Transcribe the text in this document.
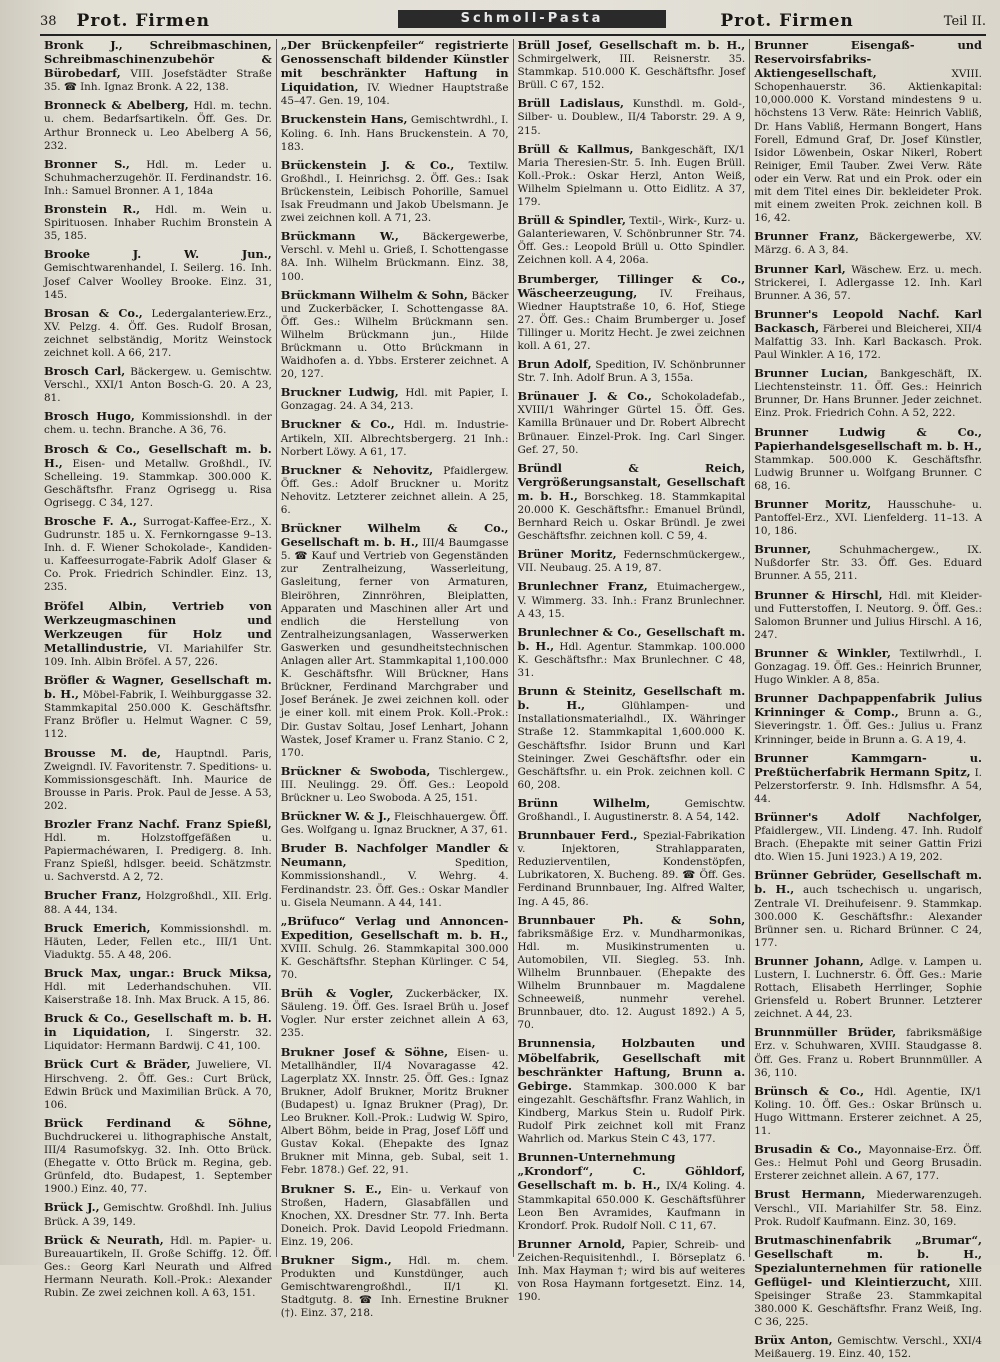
38 Prot. Firmen	Schmoll-Pasta	Prot. Firmen	Teil II.

Bronk J., Schreibmaschinen, Schreibmaschinenzubehör & Bürobedarf, VIII. Josefstädter Straße 35. ☎ Inh. Ignaz Bronk. A 22, 138.

Bronneck & Abelberg, Hdl. m. techn. u. chem. Bedarfsartikeln. Öff. Ges. Dr. Arthur Bronneck u. Leo Abelberg A 56, 232.

Bronner S., Hdl. m. Leder u. Schuhmacherzugehör. II. Ferdinandstr. 16. Inh.: Samuel Bronner. A 1, 184a

Bronstein R., Hdl. m. Wein u. Spirituosen. Inhaber Ruchim Bronstein A 35, 185.

Brooke J. W. Jun., Gemischtwarenhandel, I. Seilerg. 16. Inh. Josef Calver Woolley Brooke. Einz. 31, 145.

Brosan & Co., Ledergalanteriew.Erz., XV. Pelzg. 4. Öff. Ges. Rudolf Brosan, zeichnet selbständig, Moritz Weinstock zeichnet koll. A 66, 217.

Brosch Carl, Bäckergew. u. Gemischtw. Verschl., XXI/1 Anton Bosch-G. 20. A 23, 81.

Brosch Hugo, Kommissionshdl. in der chem. u. techn. Branche. A 36, 76.

Brosch & Co., Gesellschaft m. b. H., Eisen- und Metallw. Großhdl., IV. Schelleing. 19. Stammkap. 300.000 K. Geschäftsfhr. Franz Ogrisegg u. Risa Ogrisegg. C 34, 127.

Brosche F. A., Surrogat-Kaffee-Erz., X. Gudrunstr. 185 u. X. Fernkorngasse 9–13. Inh. d. F. Wiener Schokolade-, Kandiden- u. Kaffeesurrogate-Fabrik Adolf Glaser & Co. Prok. Friedrich Schindler. Einz. 13, 235.

Bröfel Albin, Vertrieb von Werkzeugmaschinen und Werkzeugen für Holz und Metallindustrie, VI. Mariahilfer Str. 109. Inh. Albin Bröfel. A 57, 226.

Bröfler & Wagner, Gesellschaft m. b. H., Möbel-Fabrik, I. Weihburggasse 32. Stammkapital 250.000 K. Geschäftsfhr. Franz Bröfler u. Helmut Wagner. C 59, 112.

Brousse M. de, Hauptndl. Paris, Zweigndl. IV. Favoritenstr. 7. Speditions- u. Kommissionsgeschäft. Inh. Maurice de Brousse in Paris. Prok. Paul de Jesse. A 53, 202.

Brozler Franz Nachf. Franz Spießl, Hdl. m. Holzstoffgefäßen u. Papiermachéwaren, I. Predigerg. 8. Inh. Franz Spießl, hdlsger. beeid. Schätzmstr. u. Sachverstd. A 2, 72.

Brucher Franz, Holzgroßhdl., XII. Erlg. 88. A 44, 134.

Bruck Emerich, Kommissionshdl. m. Häuten, Leder, Fellen etc., III/1 Unt. Viaduktg. 55. A 48, 206.

Bruck Max, ungar.: Bruck Miksa, Hdl. mit Lederhandschuhen. VII. Kaiserstraße 18. Inh. Max Bruck. A 15, 86.

Bruck & Co., Gesellschaft m. b. H. in Liquidation, I. Singerstr. 32. Liquidator: Hermann Bardwij. C 41, 100.

Brück Curt & Bräder, Juweliere, VI. Hirschveng. 2. Öff. Ges.: Curt Brück, Edwin Brück und Maximilian Brück. A 70, 106.

Brück Ferdinand & Söhne, Buchdruckerei u. lithographische Anstalt, III/4 Rasumofskyg. 32. Inh. Otto Brück. (Ehegatte v. Otto Brück m. Regina, geb. Grünfeld, dto. Budapest, 1. September 1900.) Einz. 40, 77.

Brück J., Gemischtw. Großhdl. Inh. Julius Brück. A 39, 149.

Brück & Neurath, Hdl. m. Papier- u. Bureauartikeln, II. Große Schiffg. 12. Öff. Ges.: Georg Karl Neurath und Alfred Hermann Neurath. Koll.-Prok.: Alexander Rubin. Ze zwei zeichnen koll. A 63, 151.

„Der Brückenpfeiler“ registrierte Genossenschaft bildender Künstler mit beschränkter Haftung in Liquidation, IV. Wiedner Hauptstraße 45–47. Gen. 19, 104.

Bruckenstein Hans, Gemischtwrdhl., I. Koling. 6. Inh. Hans Bruckenstein. A 70, 183.

Brückenstein J. & Co., Textilw. Großhdl., I. Heinrichsg. 2. Öff. Ges.: Isak Brückenstein, Leibisch Pohorille, Samuel Isak Freudmann und Jakob Ubelsmann. Je zwei zeichnen koll. A 71, 23.

Brückmann W., Bäckergewerbe, Verschl. v. Mehl u. Grieß, I. Schottengasse 8A. Inh. Wilhelm Brückmann. Einz. 38, 100.

Brückmann Wilhelm & Sohn, Bäcker und Zuckerbäcker, I. Schottengasse 8A. Öff. Ges.: Wilhelm Brückmann sen. Wilhelm Brückmann jun., Hilde Brückmann u. Otto Brückmann in Waidhofen a. d. Ybbs. Ersterer zeichnet. A 20, 127.

Bruckner Ludwig, Hdl. mit Papier, I. Gonzagag. 24. A 34, 213.

Bruckner & Co., Hdl. m. Industrie-Artikeln, XII. Albrechtsbergerg. 21 Inh.: Norbert Löwy. A 61, 17.

Bruckner & Nehovitz, Pfaidlergew. Öff. Ges.: Adolf Bruckner u. Moritz Nehovitz. Letzterer zeichnet allein. A 25, 6.

Brückner Wilhelm & Co., Gesellschaft m. b. H., III/4 Baumgasse 5. ☎ Kauf und Vertrieb von Gegenständen zur Zentralheizung, Wasserleitung, Gasleitung, ferner von Armaturen, Bleiröhren, Zinnröhren, Bleiplatten, Apparaten und Maschinen aller Art und endlich die Herstellung von Zentralheizungsanlagen, Wasserwerken Gaswerken und gesundheitstechnischen Anlagen aller Art. Stammkapital 1,100.000 K. Geschäftsfhr. Will Brückner, Hans Brückner, Ferdinand Marchgraber und Josef Beránek. Je zwei zeichnen koll. oder je einer koll. mit einem Prok. Koll.-Prok.: Dir. Gustav Soltau, Josef Lenhart, Johann Wastek, Josef Kramer u. Franz Stanio. C 2, 170.

Brückner & Swoboda, Tischlergew., III. Neulingg. 29. Öff. Ges.: Leopold Brückner u. Leo Swoboda. A 25, 151.

Brückner W. & J., Fleischhauergew. Öff. Ges. Wolfgang u. Ignaz Bruckner, A 37, 61.

Bruder B. Nachfolger Mandler & Neumann,	Spedition, Kommissionshandl., V. Wehrg. 4. Ferdinandstr. 23. Öff. Ges.: Oskar Mandler u. Gisela Neumann. A 44, 141.

„Brüfuco“ Verlag und Annoncen-Expedition, Gesellschaft m. b. H., XVIII. Schulg. 26. Stammkapital 300.000 K. Geschäftsfhr. Stephan Kürlinger. C 54, 70.

Brüh & Vogler, Zuckerbäcker, IX. Säuleng. 19. Öff. Ges. Israel Brüh u. Josef Vogler. Nur erster zeichnet allein A 63, 235.

Brukner Josef & Söhne, Eisen- u. Metallhändler, II/4 Novaragasse 42. Lagerplatz XX. Innstr. 25. Öff. Ges.: Ignaz Brukner, Adolf Brukner, Moritz Brukner (Budapest) u. Ignaz Brukner (Prag), Dr. Leo Brukner. Koll.-Prok.: Ludwig W. Spiro, Albert Böhm, beide in Prag, Josef Löff und Gustav Kokal. (Ehepakte des Ignaz Brukner mit Minna, geb. Subal, seit 1. Febr. 1878.) Gef. 22, 91.

Brukner S. E., Ein- u. Verkauf von Stroßen, Hadern, Glasabfällen und Knochen, XX. Dresdner Str. 77. Inh. Berta Doneich. Prok. David Leopold Friedmann. Einz. 19, 206.

Brukner Sigm., Hdl. m. chem. Produkten und Kunstdünger, auch Gemischtwarengroßhdl., II/1 Kl. Stadtgutg. 8. ☎ Inh. Ernestine Brukner (†). Einz. 37, 218.

Brüll Josef, Gesellschaft m. b. H., Schmirgelwerk, III. Reisnerstr. 35. Stammkap. 510.000 K. Geschäftsfhr. Josef Brüll. C 67, 152.

Brüll Ladislaus, Kunsthdl. m. Gold-, Silber- u. Doublew., II/4 Taborstr. 29. A 9, 215.

Brüll & Kallmus, Bankgeschäft, IX/1 Maria Theresien-Str. 5. Inh. Eugen Brüll. Koll.-Prok.: Oskar Herzl, Anton Weiß, Wilhelm Spielmann u. Otto Eidlitz. A 37, 179.

Brüll & Spindler, Textil-, Wirk-, Kurz- u. Galanteriewaren, V. Schönbrunner Str. 74. Öff. Ges.: Leopold Brüll u. Otto Spindler. Zeichnen koll. A 4, 206a.

Brumberger, Tillinger & Co., Wäscheerzeugung, IV. Freihaus, Wiedner Hauptstraße 10, 6. Hof, Stiege 27. Öff. Ges.: Chaim Brumberger u. Josef Tillinger u. Moritz Hecht. Je zwei zeichnen koll. A 61, 27.

Brun Adolf, Spedition, IV. Schönbrunner Str. 7. Inh. Adolf Brun. A 3, 155a.

Brünauer J. & Co., Schokoladefab., XVIII/1 Währinger Gürtel 15. Öff. Ges. Kamilla Brünauer und Dr. Robert Albrecht Brünauer. Einzel-Prok. Ing. Carl Singer. Gef. 27, 50.

Bründl & Reich, Vergrößerungsanstalt, Gesellschaft m. b. H., Borschkeg. 18. Stammkapital 20.000 K. Geschäftsfhr.: Emanuel Bründl, Bernhard Reich u. Oskar Bründl. Je zwei Geschäftsfhr. zeichnen koll. C 59, 4.

Brüner Moritz, Federnschmückergew., VII. Neubaug. 25. A 19, 87.

Brunlechner Franz, Etuimachergew., V. Wimmerg. 33. Inh.: Franz Brunlechner. A 43, 15.

Brunlechner & Co., Gesellschaft m. b. H., Hdl. Agentur. Stammkap. 100.000 K. Geschäftsfhr.: Max Brunlechner. C 48, 31.

Brunn & Steinitz, Gesellschaft m. b. H.,	Glühlampen- und Installationsmaterialhdl., IX. Währinger Straße 12. Stammkapital 1,600.000 K. Geschäftsfhr. Isidor Brunn und Karl Steininger. Zwei Geschäftsfhr. oder ein Geschäftsfhr. u. ein Prok. zeichnen koll. C 60, 208.

Brünn Wilhelm,	Gemischtw. Großhandl., I. Augustinerstr. 8. A 54, 142.

Brunnbauer Ferd., Spezial-Fabrikation v. Injektoren, Strahlapparaten, Reduzierventilen, Kondenstöpfen, Lubrikatoren, X. Bucheng. 89. ☎ Öff. Ges. Ferdinand Brunnbauer, Ing. Alfred Walter, Ing. A 45, 86.

Brunnbauer Ph. & Sohn, fabriksmäßige Erz. v. Mundharmonikas, Hdl. m. Musikinstrumenten u. Automobilen, VII. Siegleg. 53. Inh. Wilhelm Brunnbauer. (Ehepakte des Wilhelm Brunnbauer m. Magdalene Schneeweiß, nunmehr verehel. Brunnbauer, dto. 12. August 1892.) A 5, 70.

Brunnensia, Holzbauten und Möbelfabrik, Gesellschaft mit beschränkter Haftung, Brunn a. Gebirge. Stammkap. 300.000 K bar eingezahlt. Geschäftsfhr. Franz Wahlich, in Kindberg, Markus Stein u. Rudolf Pirk. Rudolf Pirk zeichnet koll mit Franz Wahrlich od. Markus Stein C 43, 177.

Brunnen-Unternehmung „Krondorf“, C. Göhldorf, Gesellschaft m. b. H., IX/4 Koling. 4. Stammkapital 650.000 K. Geschäftsführer Leon Ben Avramides, Kaufmann in Krondorf. Prok. Rudolf Noll. C 11, 67.

Brunner Arnold, Papier, Schreib- und Zeichen-Requisitenhdl., I. Börseplatz 6. Inh. Max Hayman †; wird bis auf weiteres von Rosa Haymann fortgesetzt. Einz. 14, 190.

Brunner Eisengaß- und Reservoirsfabriks-Aktiengesellschaft,	XVIII. Schopenhauerstr. 36. Aktienkapital: 10,000.000 K. Vorstand mindestens 9 u. höchstens 13 Verw. Räte: Heinrich Vabliß, Dr. Hans Vabliß, Hermann Bongert, Hans Forell, Edmund Graf, Dr. Josef Künstler, Isidor Löwenbein, Oskar Nikerl, Robert Reiniger, Emil Tauber. Zwei Verw. Räte oder ein Verw. Rat und ein Prok. oder ein mit dem Titel eines Dir. bekleideter Prok. mit einem zweiten Prok. zeichnen koll. B 16, 42.

Brunner Franz, Bäckergewerbe, XV. Märzg. 6. A 3, 84.

Brunner Karl, Wäschew. Erz. u. mech. Strickerei, I. Adlergasse 12. Inh. Karl Brunner. A 36, 57.

Brunner's Leopold Nachf. Karl Backasch, Färberei und Bleicherei, XII/4 Malfattig 33. Inh. Karl Backasch. Prok. Paul Winkler. A 16, 172.

Brunner Lucian, Bankgeschäft, IX. Liechtensteinstr. 11. Öff. Ges.: Heinrich Brunner, Dr. Hans Brunner. Jeder zeichnet. Einz. Prok. Friedrich Cohn. A 52, 222.

Brunner Ludwig & Co., Papierhandelsgesellschaft m. b. H., Stammkap. 500.000 K. Geschäftsfhr. Ludwig Brunner u. Wolfgang Brunner. C 68, 16.

Brunner Moritz, Hausschuhe- u. Pantoffel-Erz., XVI. Lienfelderg. 11–13. A 10, 186.

Brunner,	Schuhmachergew., IX. Nußdorfer Str. 33. Öff. Ges. Eduard Brunner. A 55, 211.

Brunner & Hirschl, Hdl. mit Kleider- und Futterstoffen, I. Neutorg. 9. Öff. Ges.: Salomon Brunner und Julius Hirschl. A 16, 247.

Brunner & Winkler, Textilwrhdl., I. Gonzagag. 19. Öff. Ges.: Heinrich Brunner, Hugo Winkler. A 8, 85a.

Brunner Dachpappenfabrik Julius Krinninger & Comp., Brunn a. G., Sieveringstr. 1. Öff. Ges.: Julius u. Franz Krinninger, beide in Brunn a. G. A 19, 4.

Brunner Kammgarn- u. Preßtücherfabrik Hermann Spitz, I. Pelzerstorferstr. 9. Inh. Hdlsmsfhr. A 54, 44.

Brünner's Adolf Nachfolger, Pfaidlergew., VII. Lindeng. 47. Inh. Rudolf Brach. (Ehepakte mit seiner Gattin Frizi dto. Wien 15. Juni 1923.) A 19, 202.

Brünner Gebrüder, Gesellschaft m. b. H., auch tschechisch u. ungarisch, Zentrale VI. Dreihufeisenг. 9. Stammkap. 300.000 K. Geschäftsfhr.: Alexander Brünner sen. u. Richard Brünner. C 24, 177.

Brunner Johann, Adlge. v. Lampen u. Lustern, I. Luchnerstr. 6. Öff. Ges.: Marie Rottach, Elisabeth Herrlinger, Sophie Griensfeld u. Robert Brunner. Letzterer zeichnet. A 44, 23.

Brunnmüller Brüder, fabriksmäßige Erz. v. Schuhwaren, XVIII. Staudgasse 8. Öff. Ges. Franz u. Robert Brunnmüller. A 36, 110.

Brünsch & Co., Hdl. Agentie, IX/1 Koling. 10. Öff. Ges.: Oskar Brünsch u. Hugo Wittmann. Ersterer zeichnet. A 25, 11.

Brusadin & Co., Mayonnaise-Erz. Öff. Ges.: Helmut Pohl und Georg Brusadin. Ersterer zeichnet allein. A 67, 177.

Brust Hermann, Miederwarenzugeh. Verschl., VII. Mariahilfer Str. 58. Einz. Prok. Rudolf Kaufmann. Einz. 30, 169.

Brutmaschinenfabrik „Brumar“, Gesellschaft m. b. H., Spezialunternehmen für rationelle Geflügel- und Kleintierzucht, XIII. Speisinger Straße 23. Stammkapital 380.000 K. Geschäftsfhr. Franz Weiß, Ing. C 36, 225.

Brüx Anton, Gemischtw. Verschl., XXI/4 Meißauerg. 19. Einz. 40, 152.
